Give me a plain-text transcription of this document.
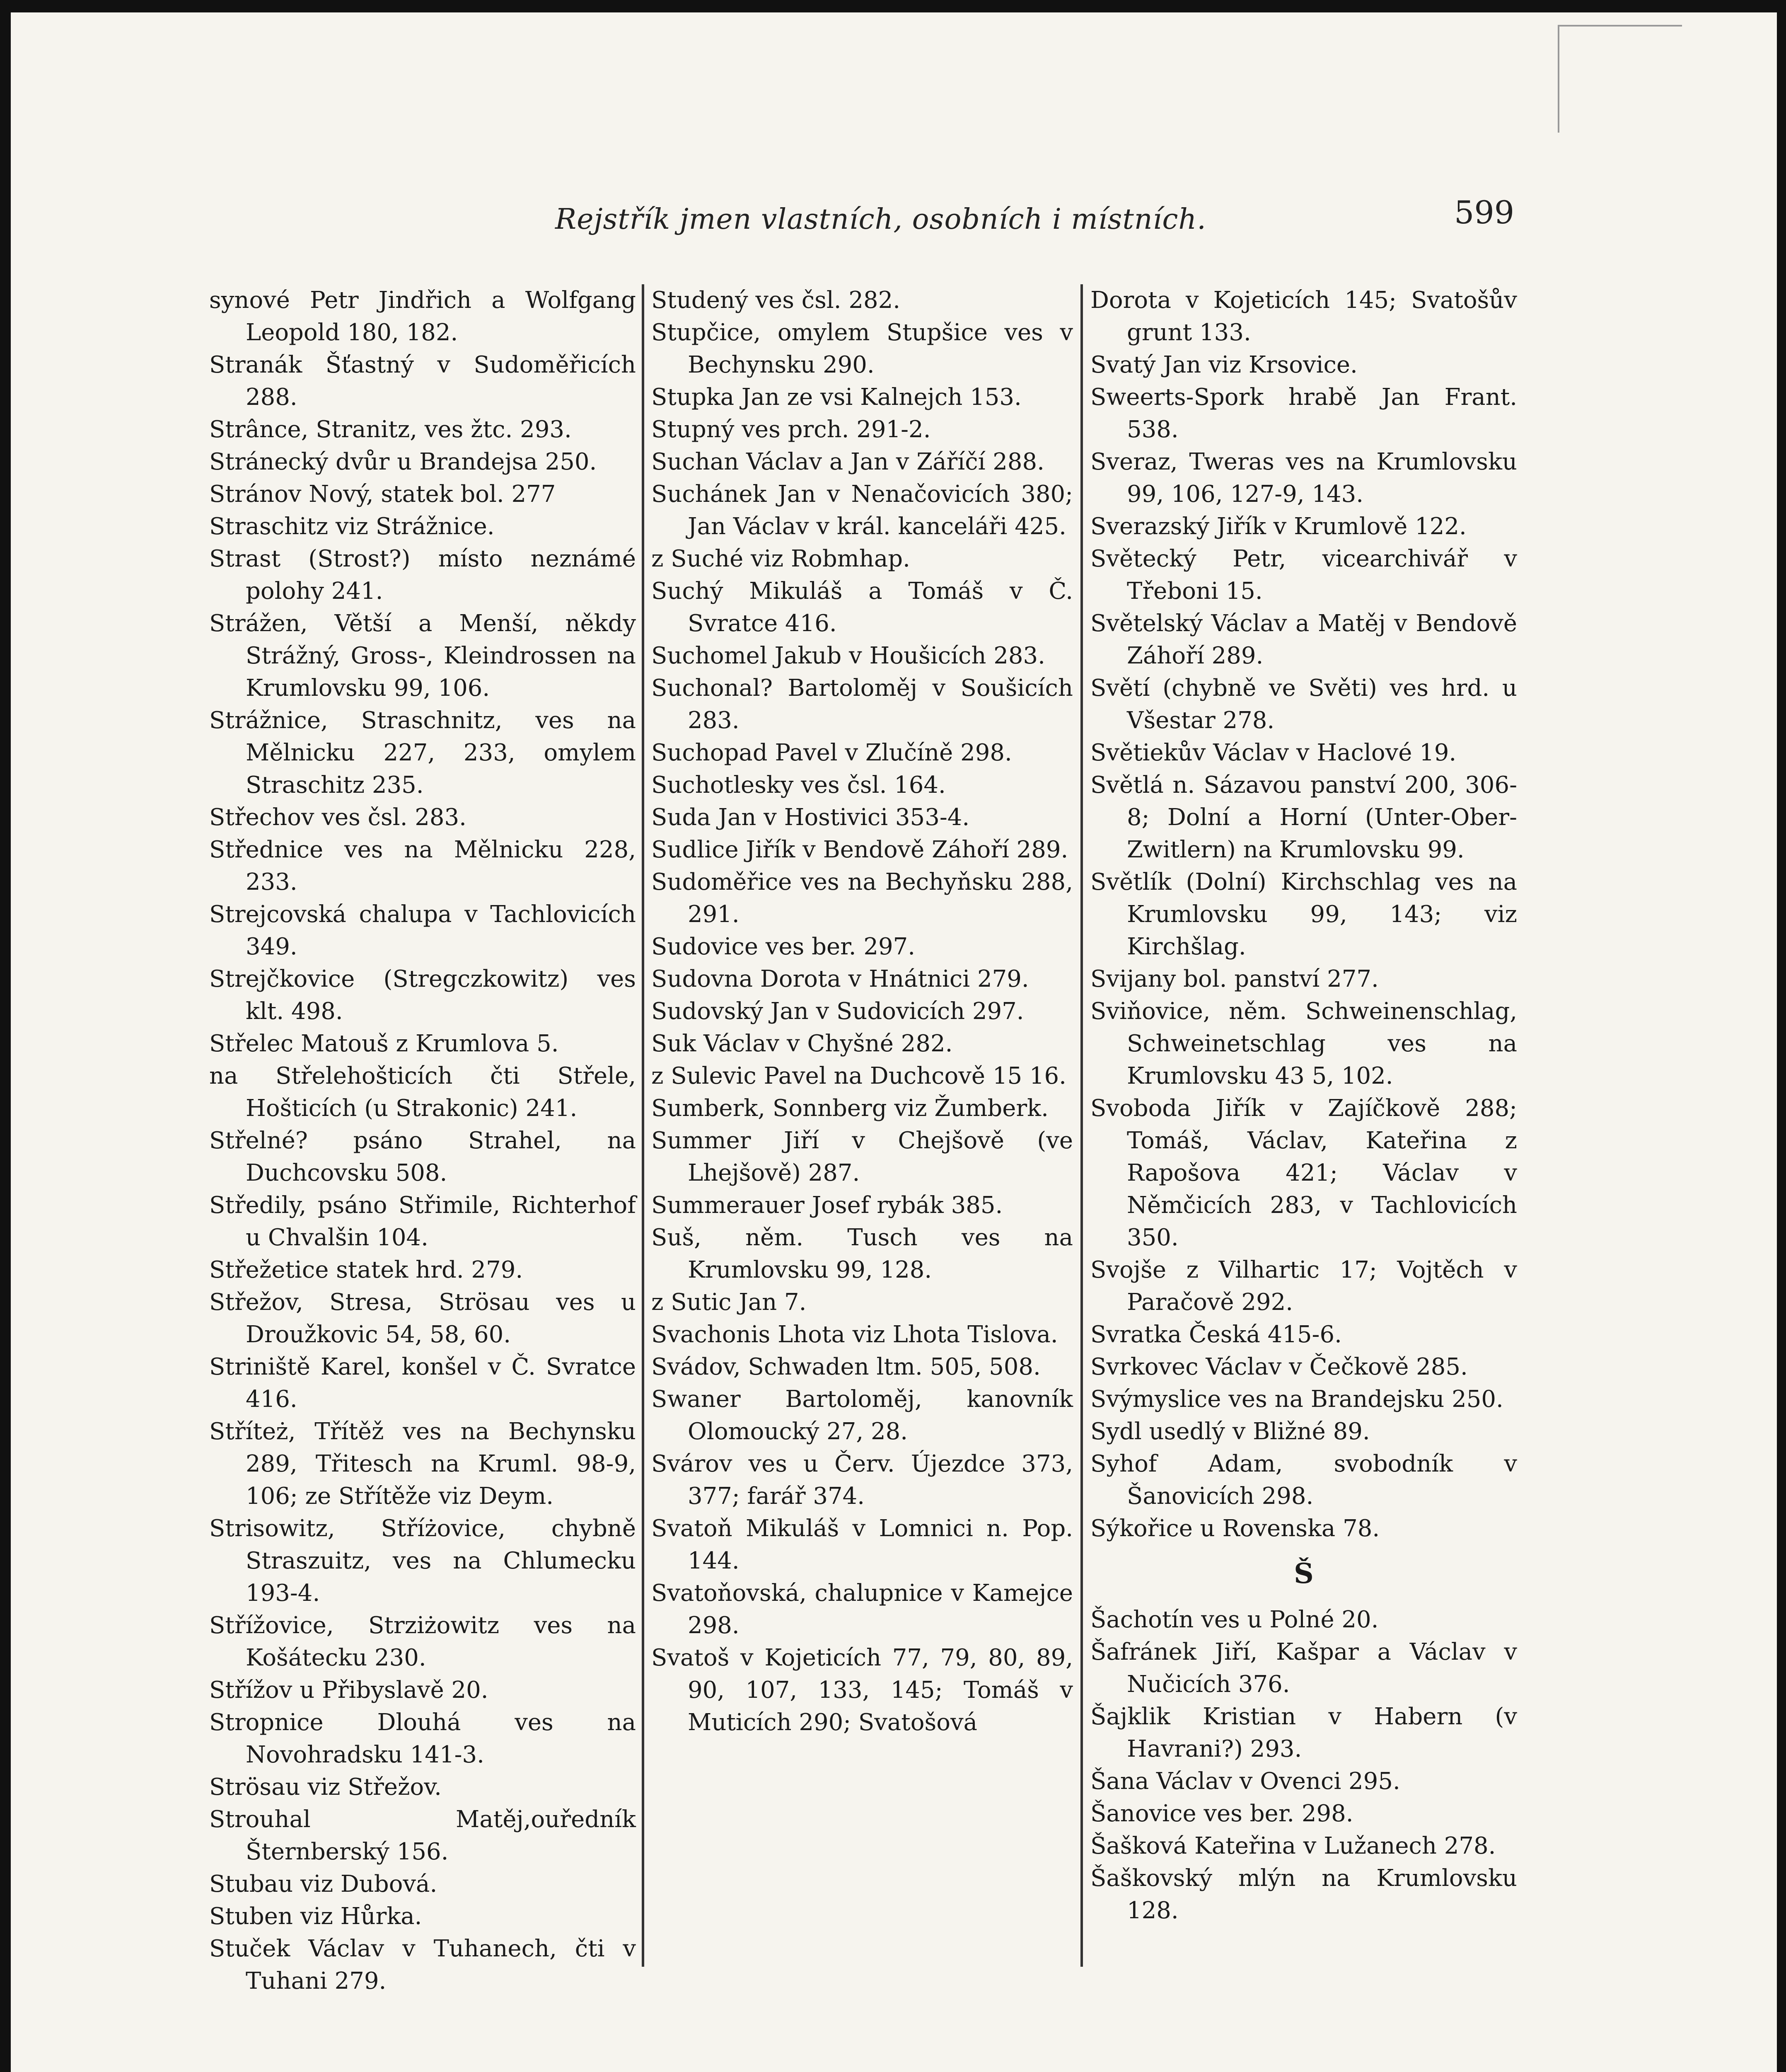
Rejstřík jmen vlastních, osobních i místních.	599

synové Petr Jindřich a Wolfgang Leopold 180, 182.

Stranák Šťastný v Sudoměřicích 288.

Strânce, Stranitz, ves žtc. 293.

Stránecký dvůr u Brandejsa 250.

Stránov Nový, statek bol. 277

Straschitz viz Strážnice.

Strast (Strost?) místo neznámé polohy 241.

Strážen, Větší a Menší, někdy Strážný, Gross-, Kleindrossen na Krumlovsku 99, 106.

Strážnice, Straschnitz, ves na Mělnicku 227, 233, omylem Straschitz 235.

Střechov ves čsl. 283.

Střednice ves na Mělnicku 228, 233.

Strejcovská chalupa v Tachlovicích 349.

Strejčkovice (Stregczkowitz) ves klt. 498.

Střelec Matouš z Krumlova 5.

na Střelehošticích čti Střele, Hošticích (u Strakonic) 241.

Střelné? psáno Strahel, na Duchcovsku 508.

Středily, psáno Střimile, Richterhof u Chvalšin 104.

Střežetice statek hrd. 279.

Střežov, Stresa, Strösau ves u Droužkovic 54, 58, 60.

Striniště Karel, konšel v Č. Svratce 416.

Stříteż, Třítěž ves na Bechynsku 289, Třitesch na Kruml. 98-9, 106; ze Střítěže viz Deym.

Strisowitz, Stříżovice, chybně Straszuitz, ves na Chlumecku 193-4.

Střížovice, Strziżowitz ves na Košátecku 230.

Střížov u Přibyslavě 20.

Stropnice Dlouhá ves na Novohradsku 141-3.

Strösau viz Střežov.

Strouhal Matěj,ouředník Šternberský 156.

Stubau viz Dubová.

Stuben viz Hůrka.

Stuček Václav v Tuhanech, čti v Tuhani 279.

Studený ves čsl. 282.

Stupčice, omylem Stupšice ves v Bechynsku 290.

Stupka Jan ze vsi Kalnejch 153.

Stupný ves prch. 291-2.

Suchan Václav a Jan v Záříčí 288.

Suchánek Jan v Nenačovicích 380; Jan Václav v král. kanceláři 425.

z Suché viz Robmhap.

Suchý Mikuláš a Tomáš v Č. Svratce 416.

Suchomel Jakub v Houšicích 283.

Suchonal? Bartoloměj v Soušicích 283.

Suchopad Pavel v Zlučíně 298.

Suchotlesky ves čsl. 164.

Suda Jan v Hostivici 353-4.

Sudlice Jiřík v Bendově Záhoří 289.

Sudoměřice ves na Bechyňsku 288, 291.

Sudovice ves ber. 297.

Sudovna Dorota v Hnátnici 279.

Sudovský Jan v Sudovicích 297.

Suk Václav v Chyšné 282.

z Sulevic Pavel na Duchcově 15 16.

Sumberk, Sonnberg viz Žumberk.

Summer Jiří v Chejšově (ve Lhejšově) 287.

Summerauer Josef rybák 385.

Suš, něm. Tusch ves na Krumlovsku 99, 128.

z Sutic Jan 7.

Svachonis Lhota viz Lhota Tislova.

Svádov, Schwaden ltm. 505, 508.

Swaner Bartoloměj, kanovník Olomoucký 27, 28.

Svárov ves u Červ. Újezdce 373, 377; farář 374.

Svatoň Mikuláš v Lomnici n. Pop. 144.

Svatoňovská, chalupnice v Kamejce 298.

Svatoš v Kojeticích 77, 79, 80, 89, 90, 107, 133, 145; Tomáš v Muticích 290; Svatošová

Dorota v Kojeticích 145; Svatošův grunt 133.

Svatý Jan viz Krsovice.

Sweerts-Spork hrabě Jan Frant. 538.

Sveraz, Tweras ves na Krumlovsku 99, 106, 127-9, 143.

Sverazský Jiřík v Krumlově 122.

Světecký Petr, vicearchivář v Třeboni 15.

Světelský Václav a Matěj v Bendově Záhoří 289.

Světí (chybně ve Světi) ves hrd. u Všestar 278.

Světiekův Václav v Haclové 19.

Světlá n. Sázavou panství 200, 306-8; Dolní a Horní (Unter-Ober-Zwitlern) na Krumlovsku 99.

Světlík (Dolní) Kirchschlag ves na Krumlovsku 99, 143; viz Kirchšlag.

Svijany bol. panství 277.

Sviňovice, něm. Schweinenschlag, Schweinetschlag ves na Krumlovsku 43 5, 102.

Svoboda Jiřík v Zajíčkově 288; Tomáš, Václav, Kateřina z Rapošova 421; Václav v Němčicích 283, v Tachlovicích 350.

Svojše z Vilhartic 17; Vojtěch v Paračově 292.

Svratka Česká 415-6.

Svrkovec Václav v Čečkově 285.

Svýmyslice ves na Brandejsku 250.

Sydl usedlý v Bližné 89.

Syhof Adam, svobodník v Šanovicích 298.

Sýkořice u Rovenska 78.

Š

Šachotín ves u Polné 20.

Šafránek Jiří, Kašpar a Václav v Nučicích 376.

Šajklik Kristian v Habern (v Havrani?) 293.

Šana Václav v Ovenci 295.

Šanovice ves ber. 298.

Šašková Kateřina v Lužanech 278.

Šaškovský mlýn na Krumlovsku 128.
